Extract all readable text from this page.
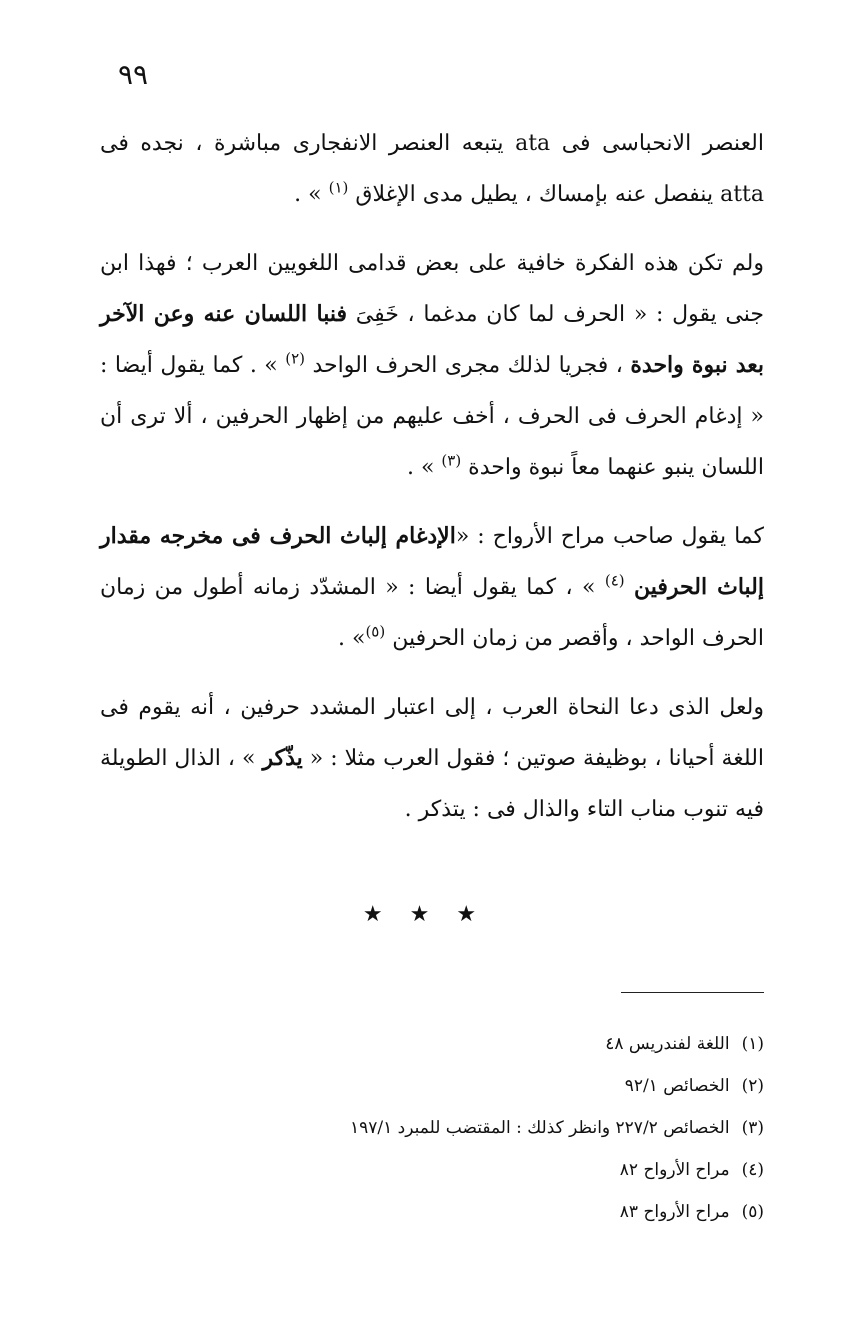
٩٩

العنصر الانحباسى فى ata يتبعه العنصر الانفجارى مباشرة ، نجده فى atta ينفصل عنه بإمساك ، يطيل مدى الإغلاق $^{(١)}$ » .

ولم تكن هذه الفكرة خافية على بعض قدامى اللغويين العرب ؛ فهذا ابن جنى يقول : « الحرف لما كان مدغما ، خَفِىَ فنبا اللسان عنه وعن الآخر بعد نبوة واحدة ، فجريا لذلك مجرى الحرف الواحد $^{(٢)}$ » . كما يقول أيضا : « إدغام الحرف فى الحرف ، أخف عليهم من إظهار الحرفين ، ألا ترى أن اللسان ينبو عنهما معاً نبوة واحدة $^{(٣)}$ » .

كما يقول صاحب مراح الأرواح : «الإدغام إلباث الحرف فى مخرجه مقدار إلباث الحرفين $^{(٤)}$ » ، كما يقول أيضا : « المشدّد زمانه أطول من زمان الحرف الواحد ، وأقصر من زمان الحرفين $^{(٥)}$» .

ولعل الذى دعا النحاة العرب ، إلى اعتبار المشدد حرفين ، أنه يقوم فى اللغة أحيانا ، بوظيفة صوتين ؛ فقول العرب مثلا : « يذّكر » ، الذال الطويلة فيه تنوب مناب التاء والذال فى : يتذكر .

★ ★ ★

(١)اللغة لفندريس ٤٨

(٢)الخصائص ٩٢/١

(٣)الخصائص ٢٢٧/٢ وانظر كذلك : المقتضب للمبرد ١٩٧/١

(٤)مراح الأرواح ٨٢

(٥)مراح الأرواح ٨٣
